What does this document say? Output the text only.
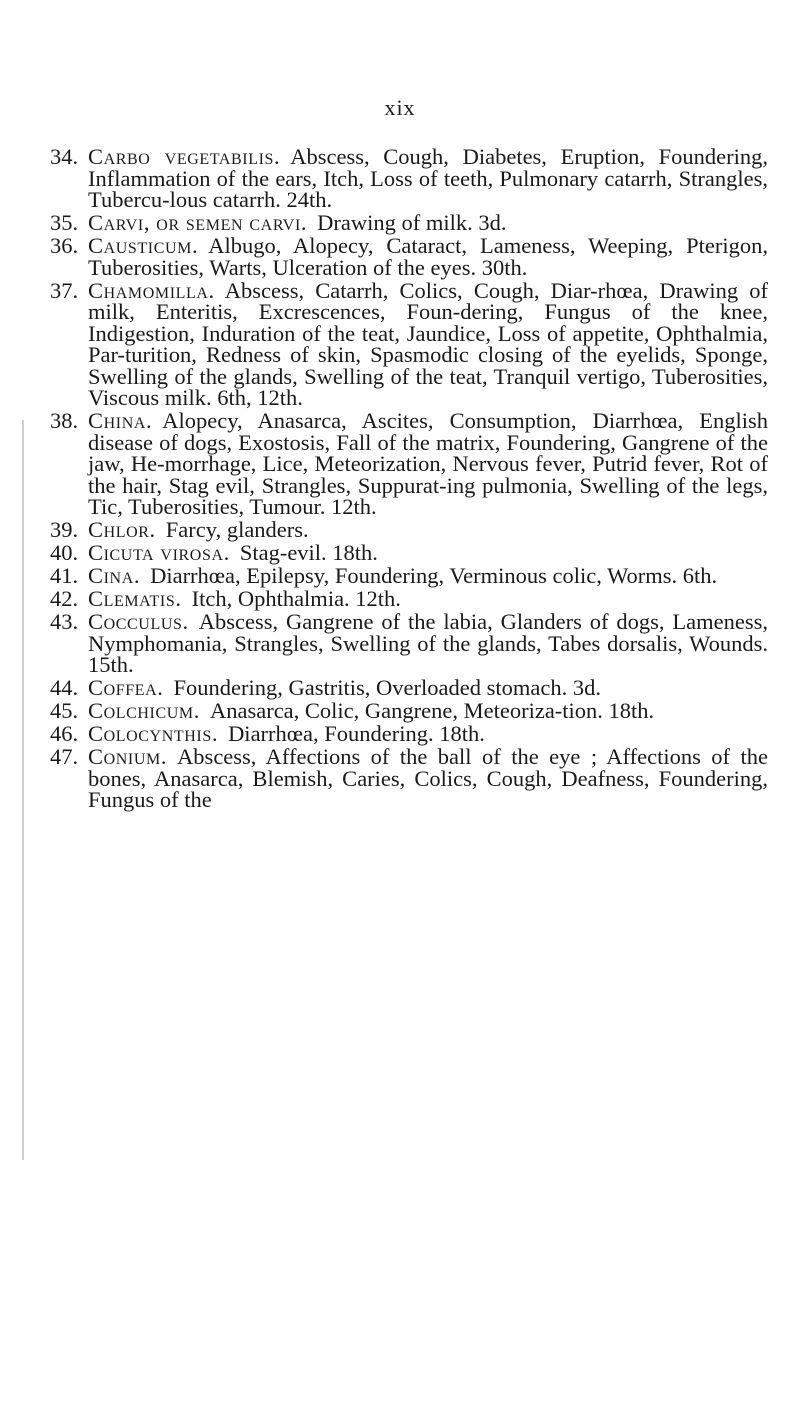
xix
34. Carbo vegetabilis. Abscess, Cough, Diabetes, Eruption, Foundering, Inflammation of the ears, Itch, Loss of teeth, Pulmonary catarrh, Strangles, Tubercu-lous catarrh. 24th.
35. Carvi, or semen carvi. Drawing of milk. 3d.
36. Causticum. Albugo, Alopecy, Cataract, Lameness, Weeping, Pterigon, Tuberosities, Warts, Ulceration of the eyes. 30th.
37. Chamomilla. Abscess, Catarrh, Colics, Cough, Diar-rhœa, Drawing of milk, Enteritis, Excrescences, Foun-dering, Fungus of the knee, Indigestion, Induration of the teat, Jaundice, Loss of appetite, Ophthalmia, Par-turition, Redness of skin, Spasmodic closing of the eyelids, Sponge, Swelling of the glands, Swelling of the teat, Tranquil vertigo, Tuberosities, Viscous milk. 6th, 12th.
38. China. Alopecy, Anasarca, Ascites, Consumption, Diarrhœa, English disease of dogs, Exostosis, Fall of the matrix, Foundering, Gangrene of the jaw, He-morrhage, Lice, Meteorization, Nervous fever, Putrid fever, Rot of the hair, Stag evil, Strangles, Suppurat-ing pulmonia, Swelling of the legs, Tic, Tuberosities, Tumour. 12th.
39. Chlor. Farcy, glanders.
40. Cicuta virosa. Stag-evil. 18th.
41. Cina. Diarrhœa, Epilepsy, Foundering, Verminous colic, Worms. 6th.
42. Clematis. Itch, Ophthalmia. 12th.
43. Cocculus. Abscess, Gangrene of the labia, Glanders of dogs, Lameness, Nymphomania, Strangles, Swelling of the glands, Tabes dorsalis, Wounds. 15th.
44. Coffea. Foundering, Gastritis, Overloaded stomach. 3d.
45. Colchicum. Anasarca, Colic, Gangrene, Meteoriza-tion. 18th.
46. Colocynthis. Diarrhœa, Foundering. 18th.
47. Conium. Abscess, Affections of the ball of the eye ; Affections of the bones, Anasarca, Blemish, Caries, Colics, Cough, Deafness, Foundering, Fungus of the
